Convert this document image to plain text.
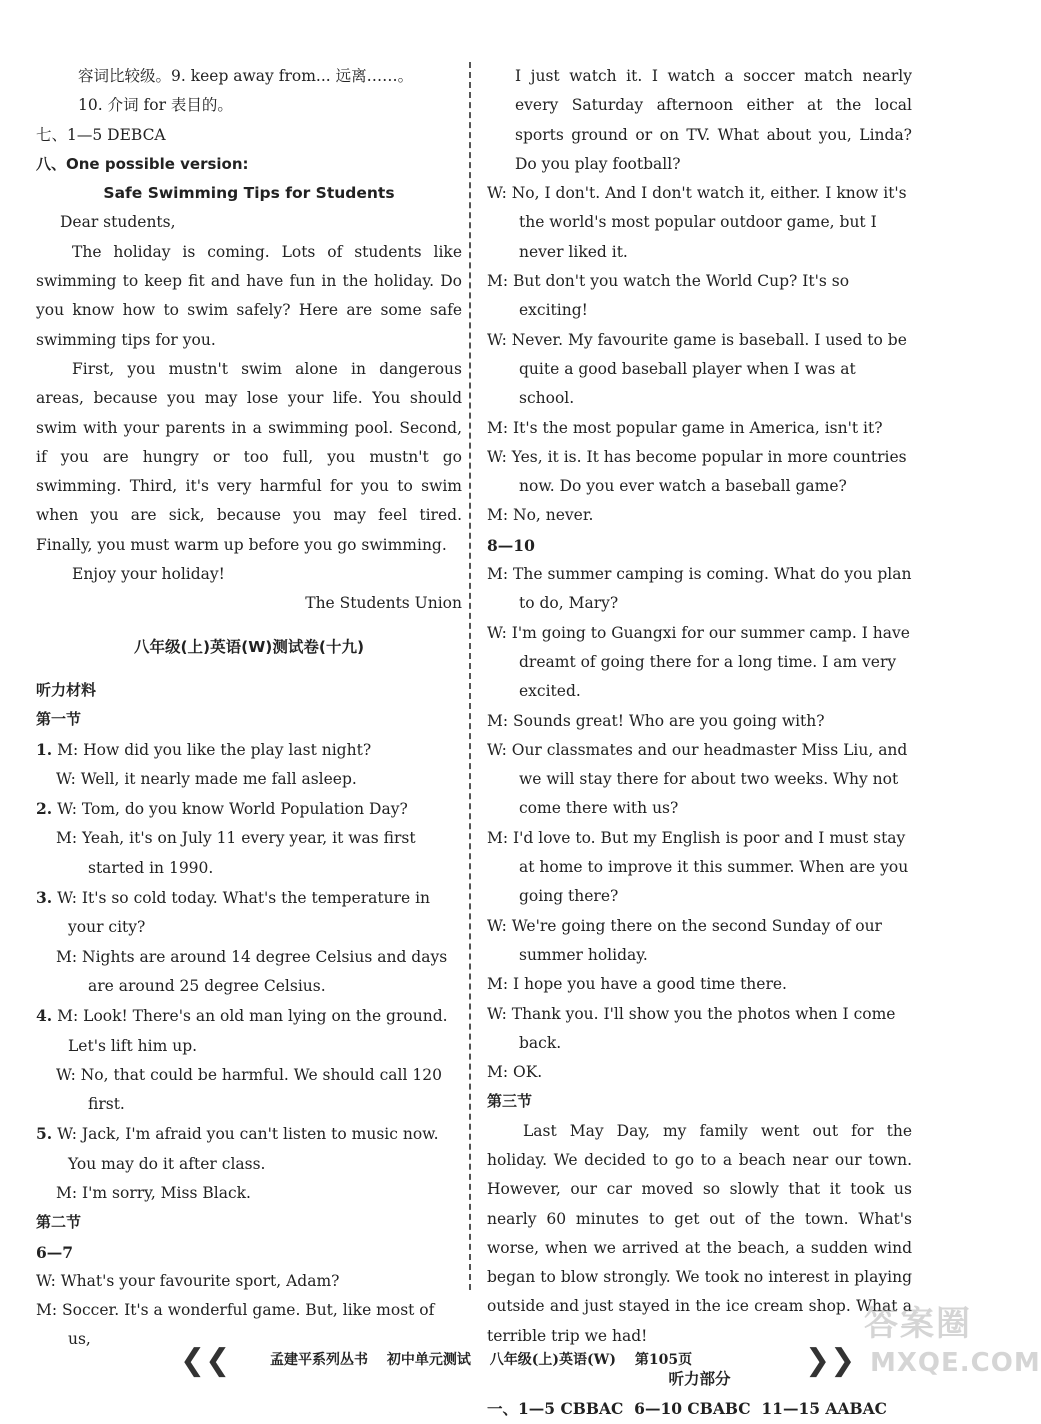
容词比较级。9. keep away from... 远离……。

10. 介词 for 表目的。

七、1—5 DEBCA

八、One possible version:

Safe Swimming Tips for Students

Dear students,

The holiday is coming. Lots of students like swimming to keep fit and have fun in the holiday. Do you know how to swim safely? Here are some safe swimming tips for you.

First, you mustn't swim alone in dangerous areas, because you may lose your life. You should swim with your parents in a swimming pool. Second, if you are hungry or too full, you mustn't go swimming. Third, it's very harmful for you to swim when you are sick, because you may feel tired. Finally, you must warm up before you go swimming.

Enjoy your holiday!

The Students Union

八年级(上)英语(W)测试卷(十九)

听力材料

第一节

1. M: How did you like the play last night?

W: Well, it nearly made me fall asleep.

2. W: Tom, do you know World Population Day?

M: Yeah, it's on July 11 every year, it was first started in 1990.

3. W: It's so cold today. What's the temperature in your city?

M: Nights are around 14 degree Celsius and days are around 25 degree Celsius.

4. M: Look! There's an old man lying on the ground. Let's lift him up.

W: No, that could be harmful. We should call 120 first.

5. W: Jack, I'm afraid you can't listen to music now. You may do it after class.

M: I'm sorry, Miss Black.

第二节

6—7

W: What's your favourite sport, Adam?

M: Soccer. It's a wonderful game. But, like most of us,

I just watch it. I watch a soccer match nearly every Saturday afternoon either at the local sports ground or on TV. What about you, Linda? Do you play football?

W: No, I don't. And I don't watch it, either. I know it's the world's most popular outdoor game, but I never liked it.

M: But don't you watch the World Cup? It's so exciting!

W: Never. My favourite game is baseball. I used to be quite a good baseball player when I was at school.

M: It's the most popular game in America, isn't it?

W: Yes, it is. It has become popular in more countries now. Do you ever watch a baseball game?

M: No, never.

8—10

M: The summer camping is coming. What do you plan to do, Mary?

W: I'm going to Guangxi for our summer camp. I have dreamt of going there for a long time. I am very excited.

M: Sounds great! Who are you going with?

W: Our classmates and our headmaster Miss Liu, and we will stay there for about two weeks. Why not come there with us?

M: I'd love to. But my English is poor and I must stay at home to improve it this summer. When are you going there?

W: We're going there on the second Sunday of our summer holiday.

M: I hope you have a good time there.

W: Thank you. I'll show you the photos when I come back.

M: OK.

第三节

Last May Day, my family went out for the holiday. We decided to go to a beach near our town. However, our car moved so slowly that it took us nearly 60 minutes to get out of the town. What's worse, when we arrived at the beach, a sudden wind began to blow strongly. We took no interest in playing outside and just stayed in the ice cream shop. What a terrible trip we had!

听力部分

一、1—5 CBBAC  6—10 CBABC  11—15 AABAC

❮❮	孟建平系列丛书 初中单元测试 八年级(上)英语(W) 第105页	❯❯
答案圈
MXQE.COM
